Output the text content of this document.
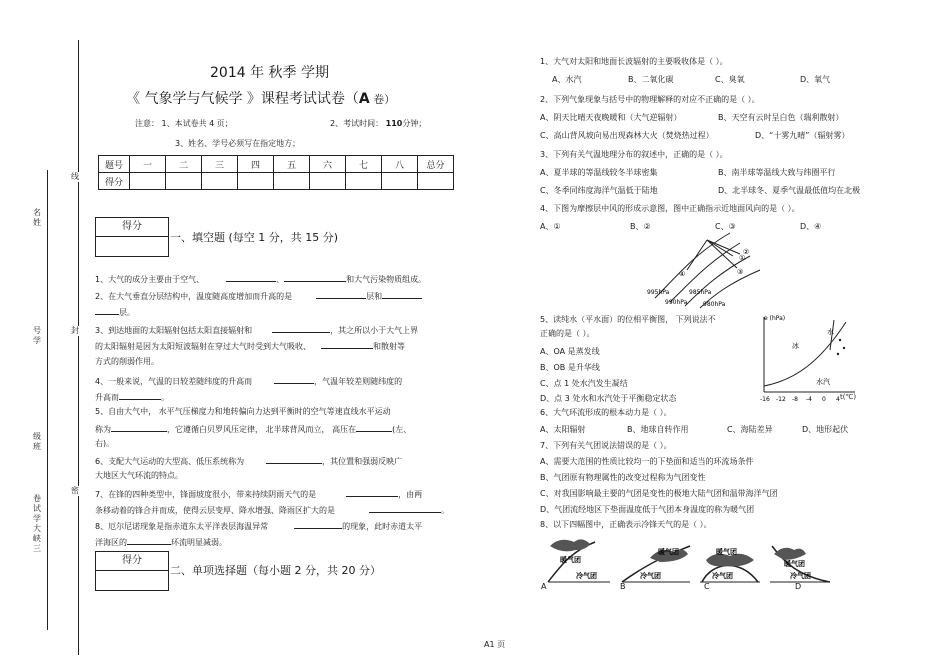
名
姓
号
学
级
班
卷
试
学
大
峡
三
线
封
密
2014 年 秋季 学期
《 气象学与气候学 》课程考试试卷（A 卷）
注意： 1、本试卷共 4 页；	2、考试时间： 110分钟；
3、姓名、学号必须写在指定地方；
题号	一	二	三	四	五	六	七	八	总分
得分									
得分
一、填空题 (每空 1 分，共 15 分)
1、大气的成分主要由于空气、	、	和大气污染物质组成。
2、在大气垂直分层结构中，温度随高度增加而升高的是	层和
层。
3、到达地面的太阳辐射包括太阳直接辐射和	，其之所以小于大气上界
的太阳辐射是因为太阳短波辐射在穿过大气时受到大气吸收、	和散射等
方式的削弱作用。
4、一般来说，气温的日较差随纬度的升高而	，气温年较差则随纬度的
升高而	。
5、自由大气中， 水平气压梯度力和地转偏向力达到平衡时的空气等速直线水平运动
称为	，它遵循白贝罗风压定律， 北半球背风而立， 高压在	(左、
右)。
6、支配大气运动的大型高、低压系统称为	，其位置和强弱反映广
大地区大气环流的特点。
7、在锋的四种类型中，锋面坡度很小，带来持续阴雨天气的是	，由两
条移动着的锋合并而成，使得云层变厚、降水增强、降雨区扩大的是	。
8、厄尔尼诺现象是指赤道东太平洋表层海温异常	的现象，此时赤道太平
洋海区的	环流明显减弱。
得分
二、单项选择题（每小题 2 分，共 20 分）
1、大气对太阳和地面长波辐射的主要吸收体是（ ）。
A、水汽	B、二氧化碳	C、臭氧	D、氧气
2、下列气象现象与括号中的物理解释的对应不正确的是（ ）。
A、阴天比晴天夜晚暖和（大气逆辐射）	B、天空有云时呈白色（瑞利散射）
C、高山背风坡向易出现森林大火（焚烧热过程）	D、“十雾九晴”（辐射雾）
3、下列有关气温地理分布的叙述中，正确的是（ ）。
A、夏半球的等温线较冬半球密集	B、南半球等温线大致与纬圈平行
C、冬季同纬度海洋气温低于陆地	D、北半球冬、夏季气温最低值均在北极
4、下图为摩擦层中风的形成示意图，图中正确指示近地面风向的是（ ）。
A、①	B、②	C、③	D、④
995hPa
990hPa
985hPa
980hPa
①
②
③
④
5、读纯水（平水面）的位相平衡图， 下列说法不
正确的是（ ）。
A、OA 是蒸发线
B、OB 是升华线
C、点 1 处水汽发生凝结
D、点 3 处水和水汽处于平衡稳定状态
e (hPa)
冰
水
水汽
-16 -12 -8 -4 0 4 t(℃)
6、大气环流形成的根本动力是（ ）。
A、太阳辐射	B、地球自转作用	C、海陆差异	D、地形起伏
7、下列有关气团说法错误的是（ ）。
A、需要大范围的性质比较均一的下垫面和适当的环流场条件
B、气团原有物理属性的改变过程称为气团变性
C、对我国影响最主要的气团是变性的极地大陆气团和温带海洋气团
D、气团流经地区下垫面温度低于气团本身温度的称为暖气团
8、以下四幅图中，正确表示冷锋天气的是（ ）。
暖气团
冷气团
暖气团
冷气团
暖气团
冷气团
暖气团
冷气团
A	B	C	D
A1 页
